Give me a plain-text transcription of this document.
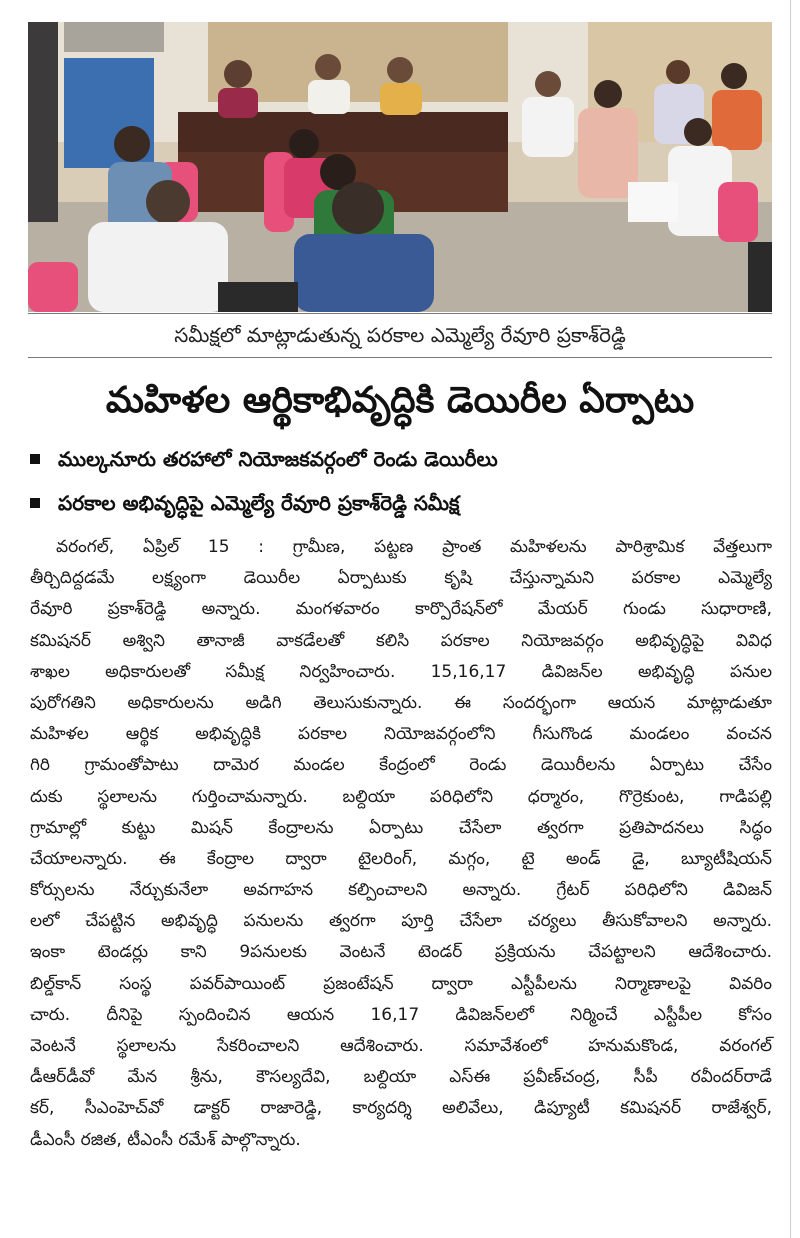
సమీక్షలో మాట్లాడుతున్న పరకాల ఎమ్మెల్యే రేవూరి ప్రకాశ్‌రెడ్డి
మహిళల ఆర్థికాభివృద్ధికి డెయిరీల ఏర్పాటు
ముల్కనూరు తరహాలో నియోజకవర్గంలో రెండు డెయిరీలు
పరకాల అభివృద్ధిపై ఎమ్మెల్యే రేవూరి ప్రకాశ్‌రెడ్డి సమీక్ష
వరంగల్, ఏప్రిల్ 15 : గ్రామీణ, పట్టణ ప్రాంత మహిళలను పారిశ్రామిక వేత్తలుగా
తీర్చిదిద్దడమే లక్ష్యంగా డెయిరీల ఏర్పాటుకు కృషి చేస్తున్నామని పరకాల ఎమ్మెల్యే
రేవూరి ప్రకాశ్‌రెడ్డి అన్నారు. మంగళవారం కార్పొరేషన్‌లో మేయర్ గుండు సుధారాణి,
కమిషనర్ అశ్విని తానాజీ వాకడేలతో కలిసి పరకాల నియోజవర్గం అభివృద్ధిపై వివిధ
శాఖల అధికారులతో సమీక్ష నిర్వహించారు. 15,16,17 డివిజన్‌ల అభివృద్ధి పనుల
పురోగతిని అధికారులను అడిగి తెలుసుకున్నారు. ఈ సందర్భంగా ఆయన మాట్లాడుతూ
మహిళల ఆర్థిక అభివృద్ధికి పరకాల నియోజవర్గంలోని గీసుగొండ మండలం వంచన
గిరి గ్రామంతోపాటు దామెర మండల కేంద్రంలో రెండు డెయిరీలను ఏర్పాటు చేసేం
దుకు స్థలాలను గుర్తించామన్నారు. బల్దియా పరిధిలోని ధర్మారం, గొర్రెకుంట, గాడిపల్లి
గ్రామాల్లో కుట్టు మిషన్ కేంద్రాలను ఏర్పాటు చేసేలా త్వరగా ప్రతిపాదనలు సిద్ధం
చేయాలన్నారు. ఈ కేంద్రాల ద్వారా టైలరింగ్, మగ్గం, టై అండ్ డై, బ్యూటీషియన్
కోర్సులను నేర్చుకునేలా అవగాహన కల్పించాలని అన్నారు. గ్రేటర్ పరిధిలోని డివిజన్
లలో చేపట్టిన అభివృద్ధి పనులను త్వరగా పూర్తి చేసేలా చర్యలు తీసుకోవాలని అన్నారు.
ఇంకా టెండర్లు కాని 9పనులకు వెంటనే టెండర్ ప్రక్రియను చేపట్టాలని ఆదేశించారు.
బిల్డ్‌కాన్ సంస్థ పవర్‌పాయింట్ ప్రజంటేషన్ ద్వారా ఎస్టీపీలను నిర్మాణాలపై వివరిం
చారు. దీనిపై స్పందించిన ఆయన 16,17 డివిజన్‌లలో నిర్మించే ఎస్టీపీల కోసం
వెంటనే స్థలాలను సేకరించాలని ఆదేశించారు. సమావేశంలో హనుమకొండ, వరంగల్
డీఆర్‌డీవో మేన శ్రీను, కౌసల్యదేవి, బల్దియా ఎస్ఈ ప్రవీణ్‌చంద్ర, సీపీ రవీందర్‌రాడే
కర్, సీఎంహెచ్‌వో డాక్టర్ రాజారెడ్డి, కార్యదర్శి అలివేలు, డిప్యూటీ కమిషనర్ రాజేశ్వర్,
డీఎంసీ రజిత, టీఎంసీ రమేశ్ పాల్గొన్నారు.
